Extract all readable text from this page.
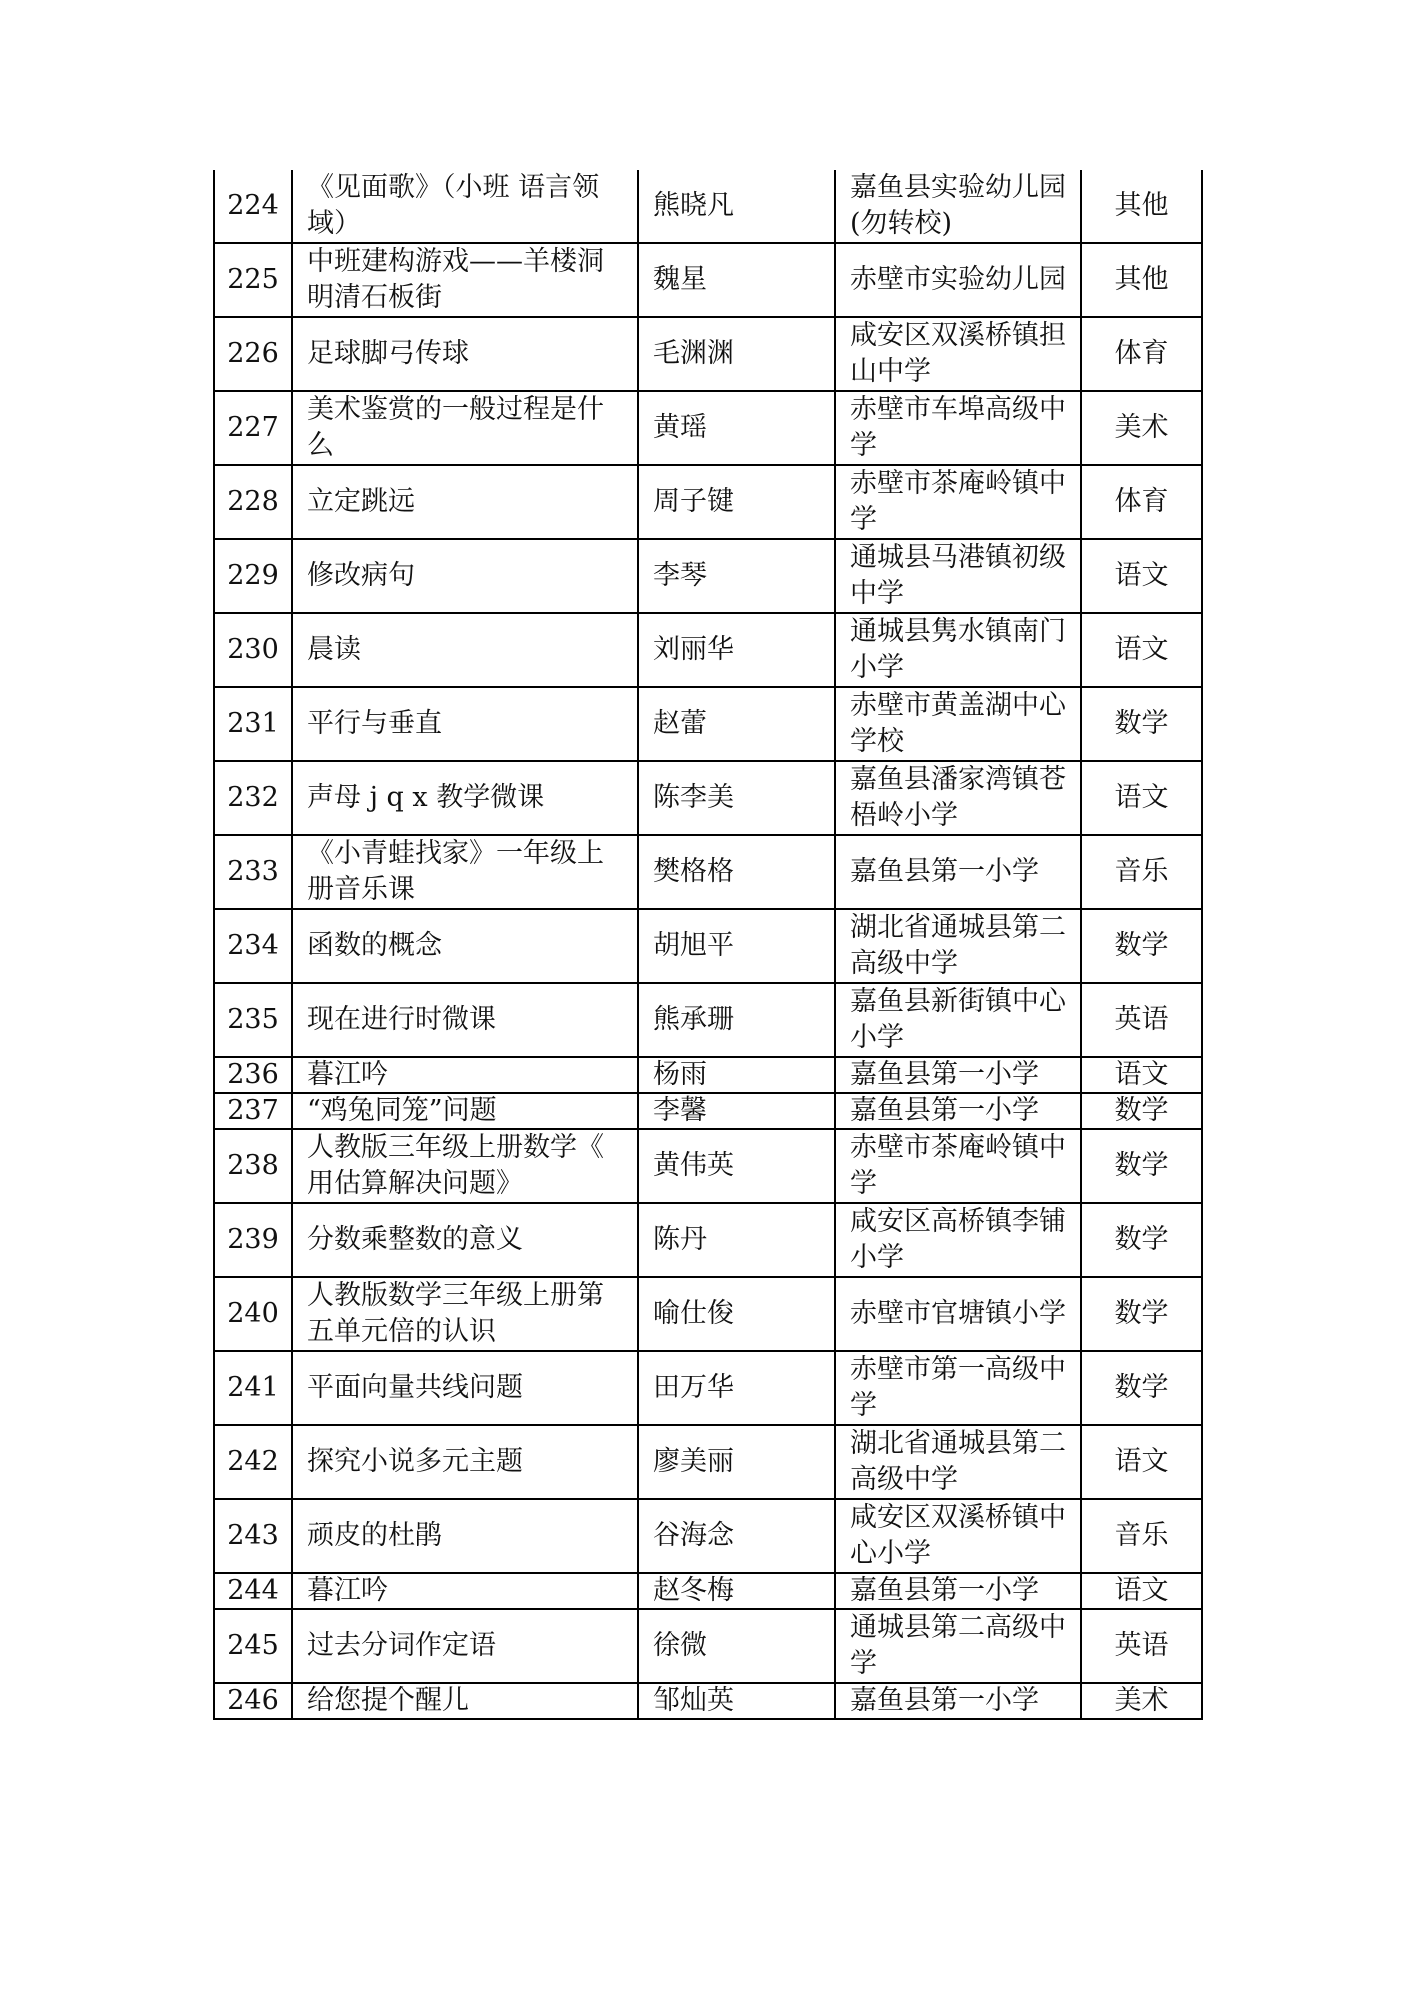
224	《见面歌》（小班 语言领域）	熊晓凡	嘉鱼县实验幼儿园(勿转校)	其他
225	中班建构游戏——羊楼洞明清石板街	魏星	赤壁市实验幼儿园	其他
226	足球脚弓传球	毛渊渊	咸安区双溪桥镇担山中学	体育
227	美术鉴赏的一般过程是什么	黄瑶	赤壁市车埠高级中学	美术
228	立定跳远	周子键	赤壁市茶庵岭镇中学	体育
229	修改病句	李琴	通城县马港镇初级中学	语文
230	晨读	刘丽华	通城县隽水镇南门小学	语文
231	平行与垂直	赵蕾	赤壁市黄盖湖中心学校	数学
232	声母 j q x 教学微课	陈李美	嘉鱼县潘家湾镇苍梧岭小学	语文
233	《小青蛙找家》一年级上册音乐课	樊格格	嘉鱼县第一小学	音乐
234	函数的概念	胡旭平	湖北省通城县第二高级中学	数学
235	现在进行时微课	熊承珊	嘉鱼县新街镇中心小学	英语
236	暮江吟	杨雨	嘉鱼县第一小学	语文
237	“鸡兔同笼”问题	李馨	嘉鱼县第一小学	数学
238	人教版三年级上册数学《 用估算解决问题》	黄伟英	赤壁市茶庵岭镇中学	数学
239	分数乘整数的意义	陈丹	咸安区高桥镇李铺小学	数学
240	人教版数学三年级上册第五单元倍的认识	喻仕俊	赤壁市官塘镇小学	数学
241	平面向量共线问题	田万华	赤壁市第一高级中学	数学
242	探究小说多元主题	廖美丽	湖北省通城县第二高级中学	语文
243	顽皮的杜鹃	谷海念	咸安区双溪桥镇中心小学	音乐
244	暮江吟	赵冬梅	嘉鱼县第一小学	语文
245	过去分词作定语	徐微	通城县第二高级中学	英语
246	给您提个醒儿	邹灿英	嘉鱼县第一小学	美术
